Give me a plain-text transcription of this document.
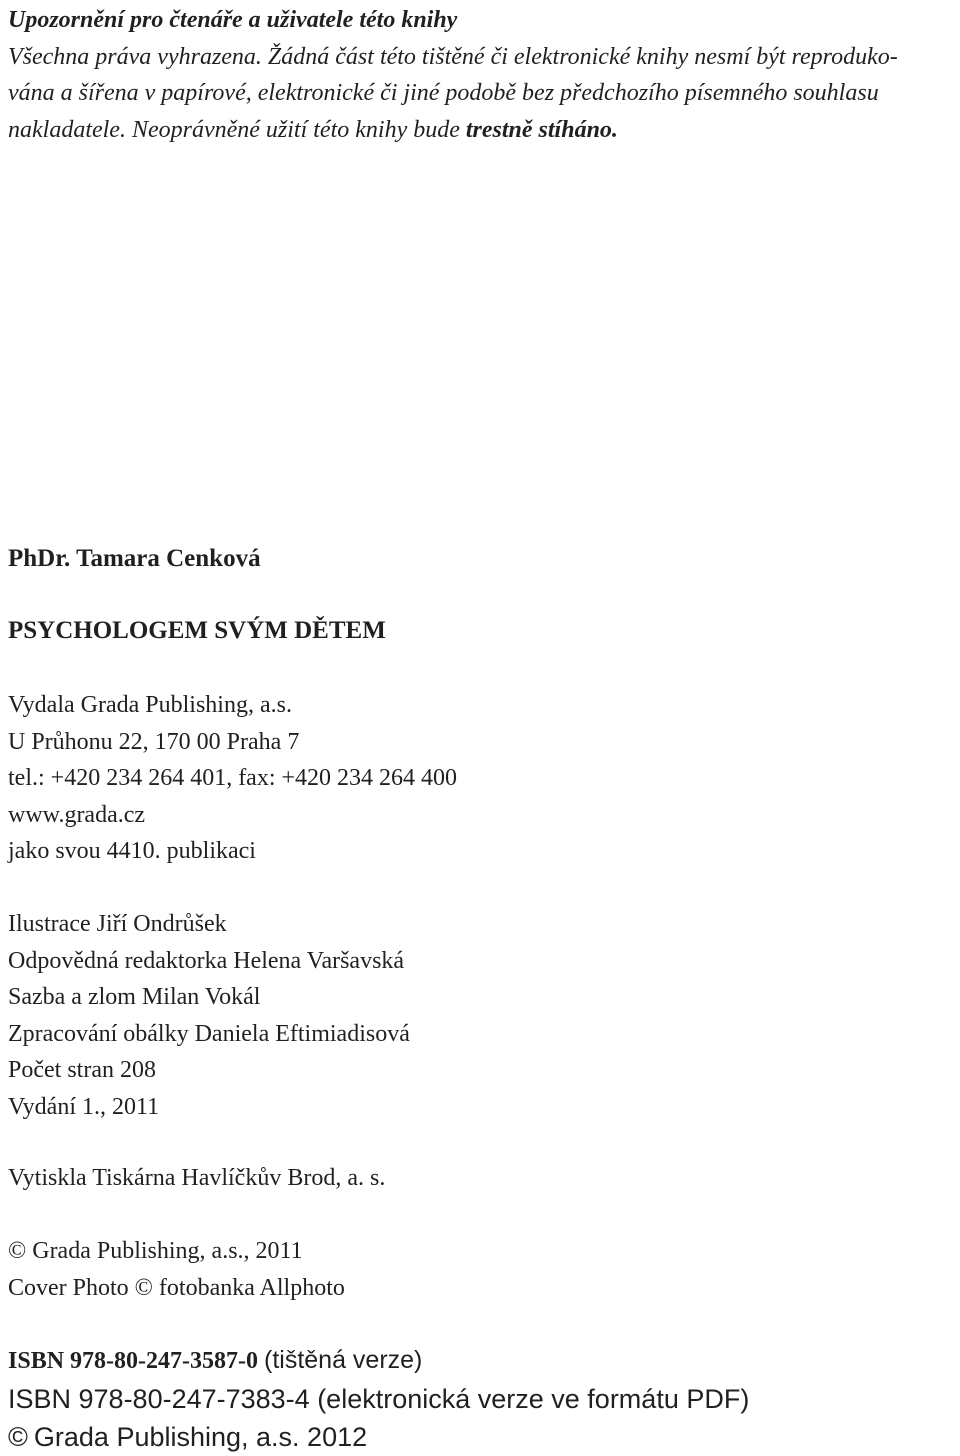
Upozornění pro čtenáře a uživatele této knihy

Všechna práva vyhrazena. Žádná část této tištěné či elektronické knihy nesmí být reproduko-

vána a šířena v papírové, elektronické či jiné podobě bez předchozího písemného souhlasu

nakladatele. Neoprávněné užití této knihy bude trestně stíháno.

PhDr. Tamara Cenková
PSYCHOLOGEM SVÝM DĚTEM
Vydala Grada Publishing, a.s.
U Průhonu 22, 170 00 Praha 7
tel.: +420 234 264 401, fax: +420 234 264 400
www.grada.cz
jako svou 4410. publikaci
Ilustrace Jiří Ondrůšek
Odpovědná redaktorka Helena Varšavská
Sazba a zlom Milan Vokál
Zpracování obálky Daniela Eftimiadisová
Počet stran 208
Vydání 1., 2011
Vytiskla Tiskárna Havlíčkův Brod, a. s.
© Grada Publishing, a.s., 2011
Cover Photo © fotobanka Allphoto
ISBN 978-80-247-3587-0 (tištěná verze)
ISBN 978-80-247-7383-4 (elektronická verze ve formátu PDF)
© Grada Publishing, a.s. 2012
